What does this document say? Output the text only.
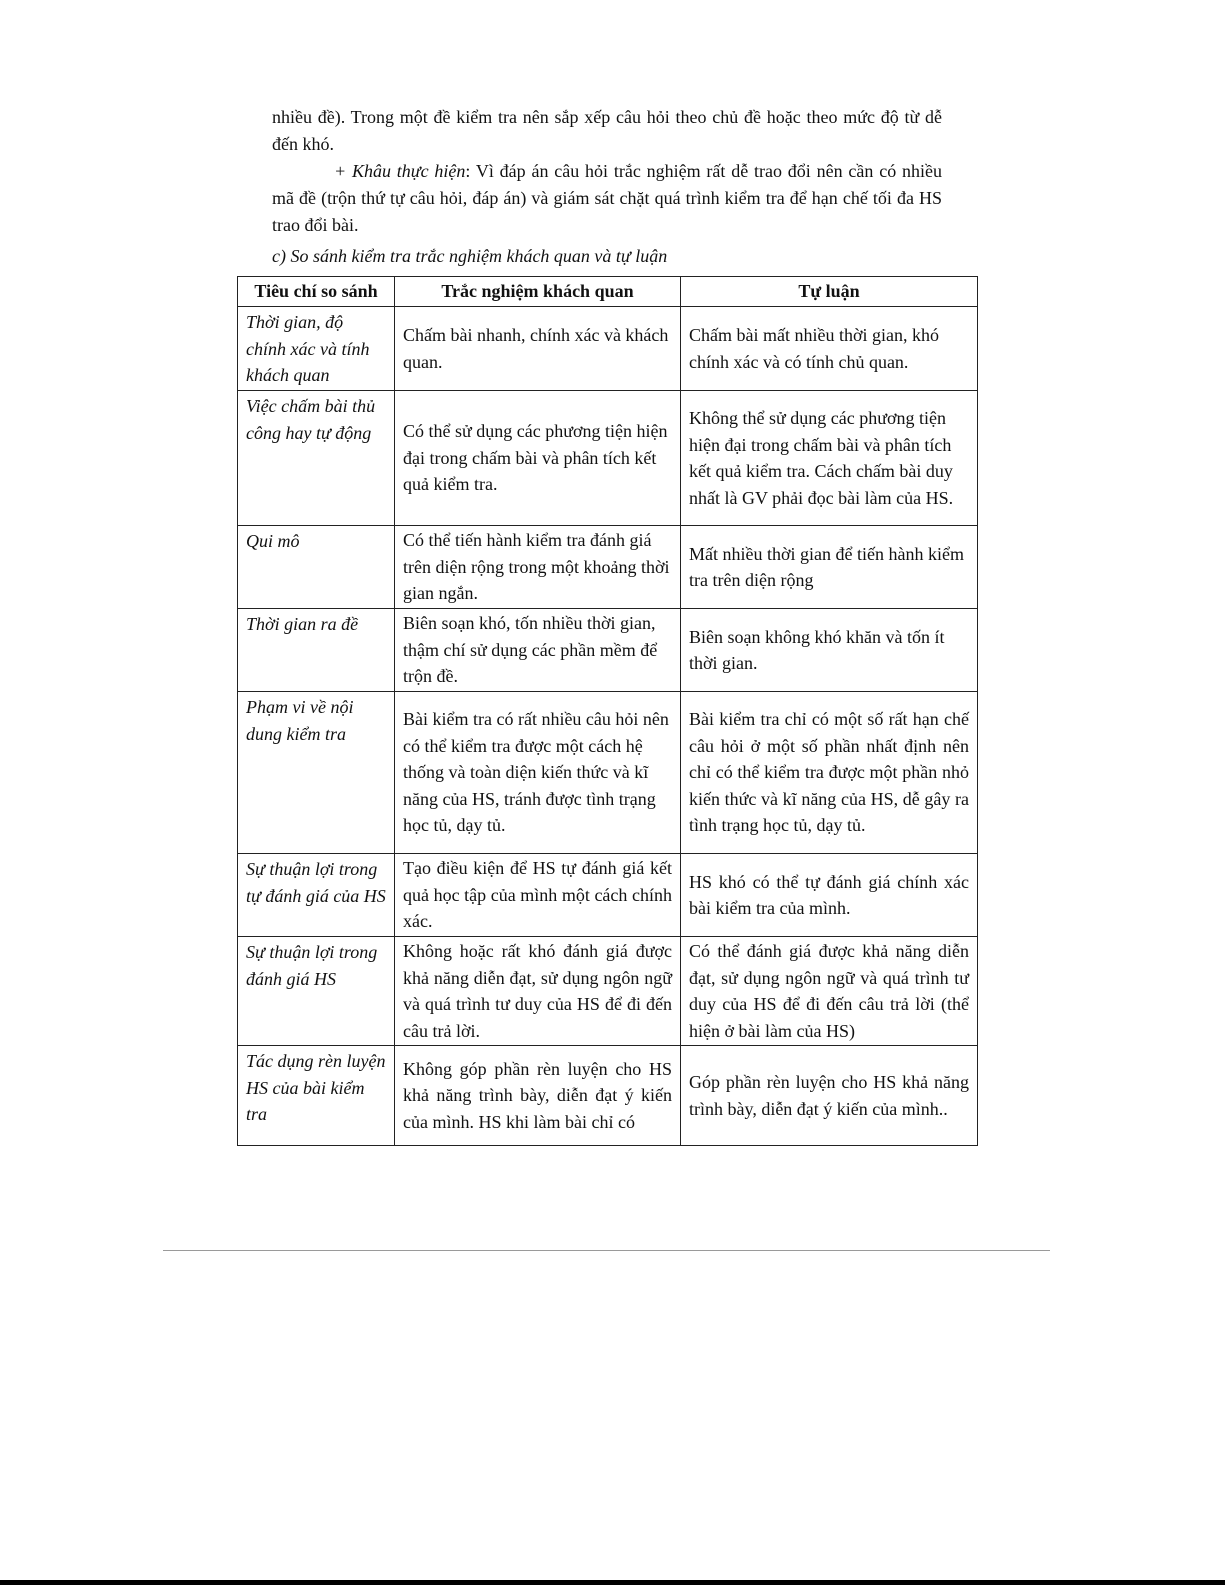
nhiều đề). Trong một đề kiểm tra nên sắp xếp câu hỏi theo chủ đề hoặc theo mức độ từ dễ đến khó.

+ Khâu thực hiện: Vì đáp án câu hỏi trắc nghiệm rất dễ trao đổi nên cần có nhiều mã đề (trộn thứ tự câu hỏi, đáp án) và giám sát chặt quá trình kiểm tra để hạn chế tối đa HS trao đổi bài.

c) So sánh kiểm tra trắc nghiệm khách quan và tự luận

Tiêu chí so sánh	Trắc nghiệm khách quan	Tự luận
Thời gian, độ chính xác và tính khách quan	Chấm bài nhanh, chính xác và khách quan.	Chấm bài mất nhiều thời gian, khó chính xác và có tính chủ quan.
Việc chấm bài thủ công hay tự động	Có thể sử dụng các phương tiện hiện đại trong chấm bài và phân tích kết quả kiểm tra.	Không thể sử dụng các phương tiện hiện đại trong chấm bài và phân tích kết quả kiểm tra. Cách chấm bài duy nhất là GV phải đọc bài làm của HS.
Qui mô	Có thể tiến hành kiểm tra đánh giá trên diện rộng trong một khoảng thời gian ngắn.	Mất nhiều thời gian để tiến hành kiểm tra trên diện rộng
Thời gian ra đề	Biên soạn khó, tốn nhiều thời gian, thậm chí sử dụng các phần mềm để trộn đề.	Biên soạn không khó khăn và tốn ít thời gian.
Phạm vi về nội dung kiểm tra	Bài kiểm tra có rất nhiều câu hỏi nên có thể kiểm tra được một cách hệ thống và toàn diện kiến thức và kĩ năng của HS, tránh được tình trạng học tủ, dạy tủ.	Bài kiểm tra chỉ có một số rất hạn chế câu hỏi ở một số phần nhất định nên chỉ có thể kiểm tra được một phần nhỏ kiến thức và kĩ năng của HS, dễ gây ra tình trạng học tủ, dạy tủ.
Sự thuận lợi trong tự đánh giá của HS	Tạo điều kiện để HS tự đánh giá kết quả học tập của mình một cách chính xác.	HS khó có thể tự đánh giá chính xác bài kiểm tra của mình.
Sự thuận lợi trong đánh giá HS	Không hoặc rất khó đánh giá được khả năng diễn đạt, sử dụng ngôn ngữ và quá trình tư duy của HS để đi đến câu trả lời.	Có thể đánh giá được khả năng diễn đạt, sử dụng ngôn ngữ và quá trình tư duy của HS để đi đến câu trả lời (thể hiện ở bài làm của HS)
Tác dụng rèn luyện HS của bài kiểm tra	Không góp phần rèn luyện cho HS khả năng trình bày, diễn đạt ý kiến của mình. HS khi làm bài chỉ có	Góp phần rèn luyện cho HS khả năng trình bày, diễn đạt ý kiến của mình..
